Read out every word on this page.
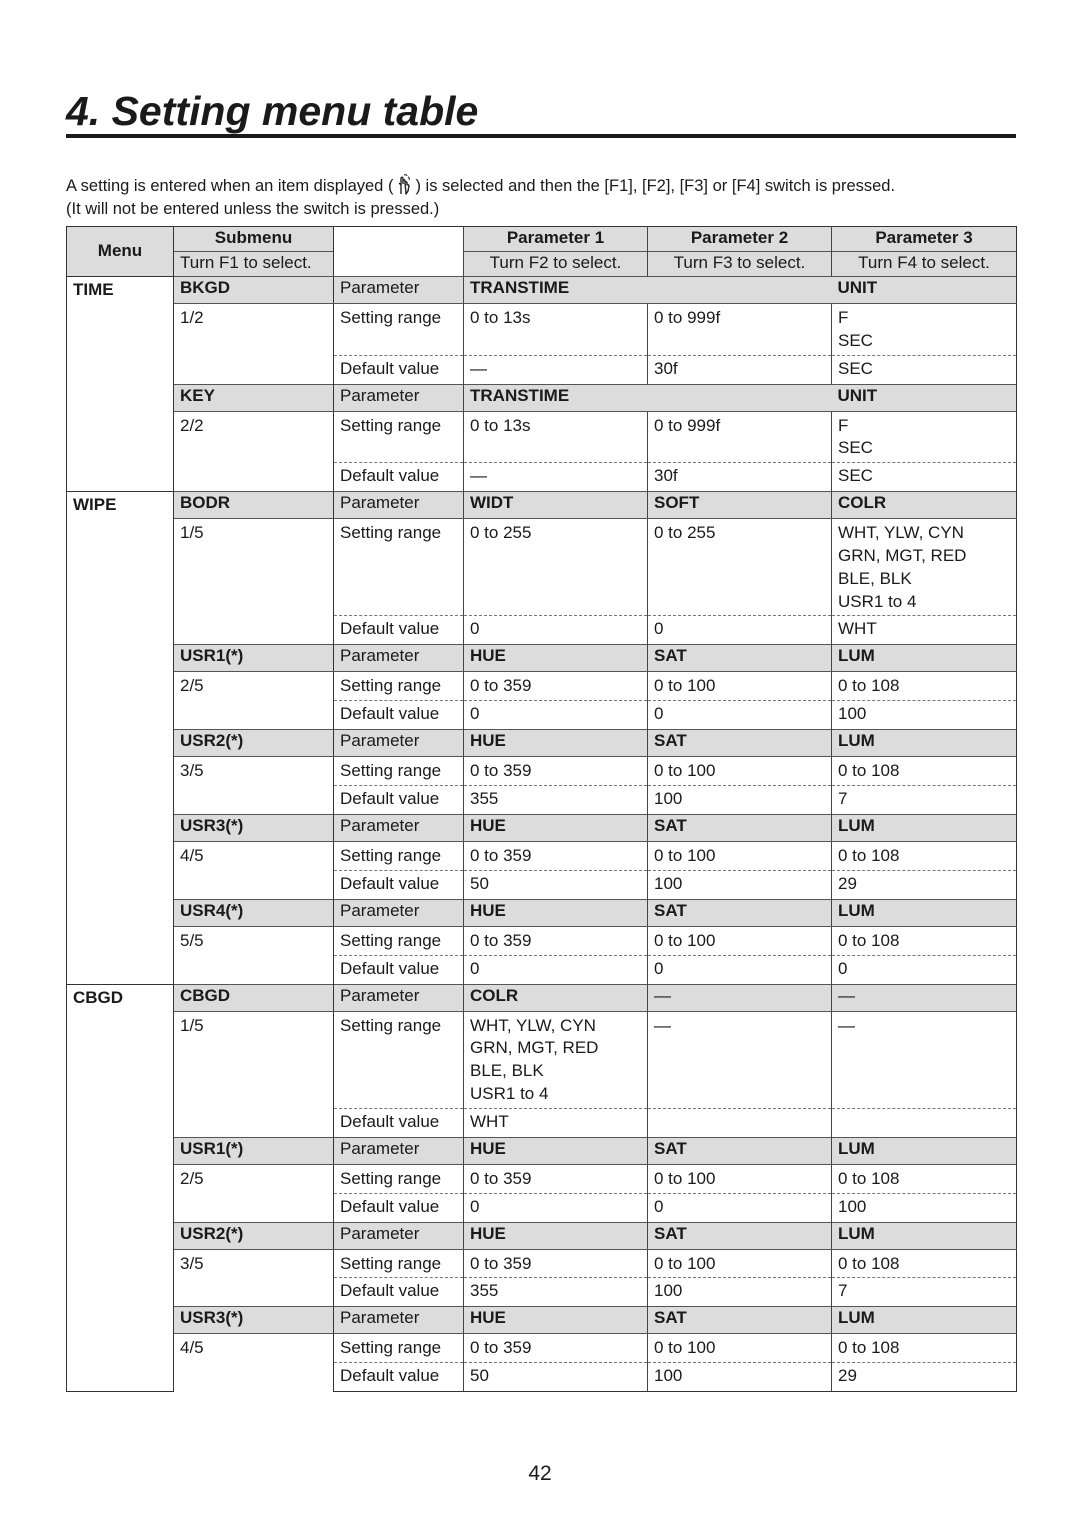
4. Setting menu table
A setting is entered when an item displayed ( ) is selected and then the [F1], [F2], [F3] or [F4] switch is pressed.
(It will not be entered unless the switch is pressed.)
Menu	Submenu		Parameter 1	Parameter 2	Parameter 3
	Turn F1 to select.		Turn F2 to select.	Turn F3 to select.	Turn F4 to select.
TIME	BKGD	Parameter	TRANSTIME		UNIT
	1/2	Setting range	0 to 13s	0 to 999f	F
SEC
		Default value	—	30f	SEC
	KEY	Parameter	TRANSTIME		UNIT
	2/2	Setting range	0 to 13s	0 to 999f	F
SEC
		Default value	—	30f	SEC
WIPE	BODR	Parameter	WIDT	SOFT	COLR
	1/5	Setting range	0 to 255	0 to 255	WHT, YLW, CYN
GRN, MGT, RED
BLE, BLK
USR1 to 4
		Default value	0	0	WHT
	USR1(*)	Parameter	HUE	SAT	LUM
	2/5	Setting range	0 to 359	0 to 100	0 to 108
		Default value	0	0	100
	USR2(*)	Parameter	HUE	SAT	LUM
	3/5	Setting range	0 to 359	0 to 100	0 to 108
		Default value	355	100	7
	USR3(*)	Parameter	HUE	SAT	LUM
	4/5	Setting range	0 to 359	0 to 100	0 to 108
		Default value	50	100	29
	USR4(*)	Parameter	HUE	SAT	LUM
	5/5	Setting range	0 to 359	0 to 100	0 to 108
		Default value	0	0	0
CBGD	CBGD	Parameter	COLR	—	—
	1/5	Setting range	WHT, YLW, CYN
GRN, MGT, RED
BLE, BLK
USR1 to 4	—	—
		Default value	WHT		
	USR1(*)	Parameter	HUE	SAT	LUM
	2/5	Setting range	0 to 359	0 to 100	0 to 108
		Default value	0	0	100
	USR2(*)	Parameter	HUE	SAT	LUM
	3/5	Setting range	0 to 359	0 to 100	0 to 108
		Default value	355	100	7
	USR3(*)	Parameter	HUE	SAT	LUM
	4/5	Setting range	0 to 359	0 to 100	0 to 108
		Default value	50	100	29
42
